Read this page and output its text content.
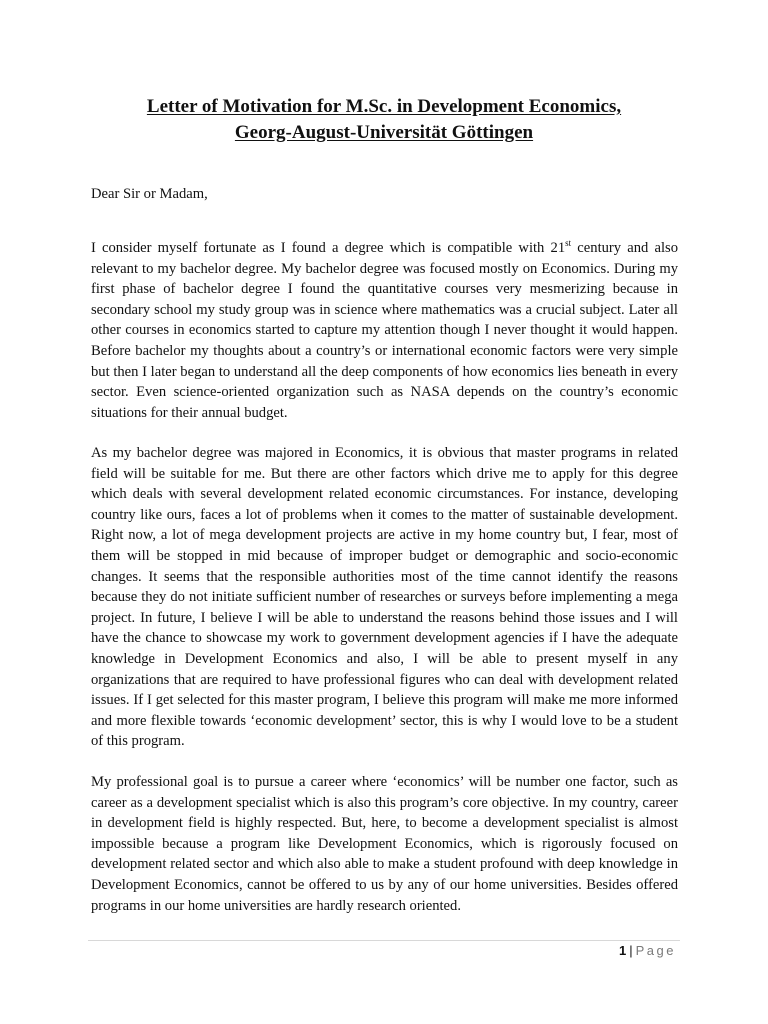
Letter of Motivation for M.Sc. in Development Economics,
Georg-August-Universität Göttingen
Dear Sir or Madam,

I consider myself fortunate as I found a degree which is compatible with 21st century and also relevant to my bachelor degree. My bachelor degree was focused mostly on Economics. During my first phase of bachelor degree I found the quantitative courses very mesmerizing because in secondary school my study group was in science where mathematics was a crucial subject. Later all other courses in economics started to capture my attention though I never thought it would happen. Before bachelor my thoughts about a country’s or international economic factors were very simple but then I later began to understand all the deep components of how economics lies beneath in every sector. Even science-oriented organization such as NASA depends on the country’s economic situations for their annual budget.

As my bachelor degree was majored in Economics, it is obvious that master programs in related field will be suitable for me. But there are other factors which drive me to apply for this degree which deals with several development related economic circumstances. For instance, developing country like ours, faces a lot of problems when it comes to the matter of sustainable development. Right now, a lot of mega development projects are active in my home country but, I fear, most of them will be stopped in mid because of improper budget or demographic and socio-economic changes. It seems that the responsible authorities most of the time cannot identify the reasons because they do not initiate sufficient number of researches or surveys before implementing a mega project. In future, I believe I will be able to understand the reasons behind those issues and I will have the chance to showcase my work to government development agencies if I have the adequate knowledge in Development Economics and also, I will be able to present myself in any organizations that are required to have professional figures who can deal with development related issues. If I get selected for this master program, I believe this program will make me more informed and more flexible towards ‘economic development’ sector, this is why I would love to be a student of this program.

My professional goal is to pursue a career where ‘economics’ will be number one factor, such as career as a development specialist which is also this program’s core objective. In my country, career in development field is highly respected. But, here, to become a development specialist is almost impossible because a program like Development Economics, which is rigorously focused on development related sector and which also able to make a student profound with deep knowledge in Development Economics, cannot be offered to us by any of our home universities. Besides offered programs in our home universities are hardly research oriented.

1 | Page
